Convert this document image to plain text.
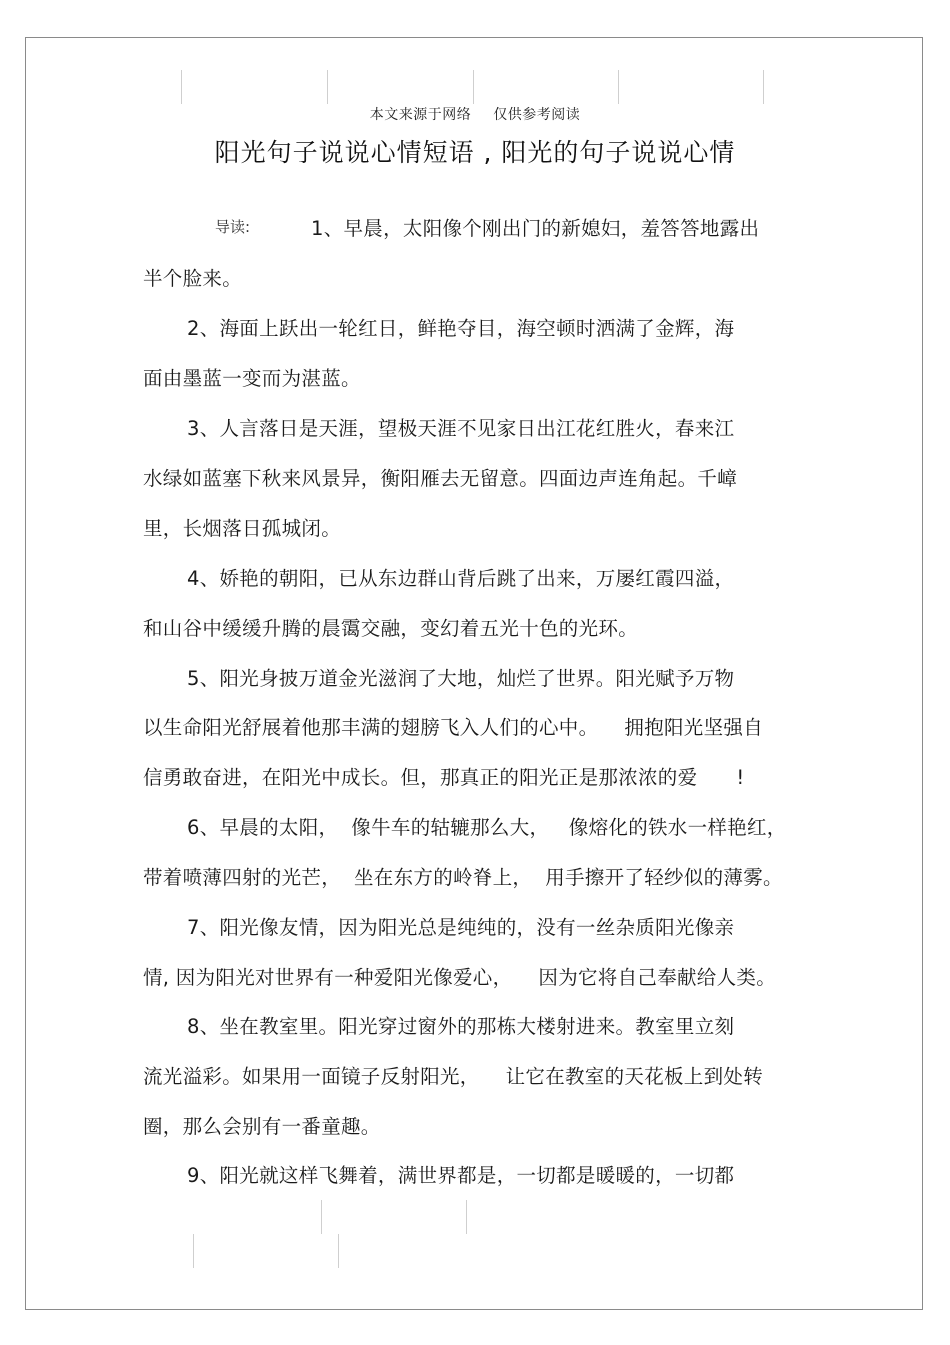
本文来源于网络 仅供参考阅读
阳光句子说说心情短语 , 阳光的句子说说心情
导读:	1、早晨，太阳像个刚出门的新媳妇，羞答答地露出
半个脸来。
2、海面上跃出一轮红日，鲜艳夺目，海空顿时洒满了金辉，海
面由墨蓝一变而为湛蓝。
3、人言落日是天涯，望极天涯不见家日出江花红胜火，春来江
水绿如蓝塞下秋来风景异，衡阳雁去无留意。四面边声连角起。千嶂
里，长烟落日孤城闭。
4、娇艳的朝阳，已从东边群山背后跳了出来，万屡红霞四溢，
和山谷中缓缓升腾的晨霭交融，变幻着五光十色的光环。
5、阳光身披万道金光滋润了大地，灿烂了世界。阳光赋予万物
以生命阳光舒展着他那丰满的翅膀飞入人们的心中。    拥抱阳光坚强自
信勇敢奋进，在阳光中成长。但，那真正的阳光正是那浓浓的爱      !
6、早晨的太阳，  像牛车的轱辘那么大，   像熔化的铁水一样艳红，
带着喷薄四射的光芒，  坐在东方的岭脊上，  用手擦开了轻纱似的薄雾。
7、阳光像友情，因为阳光总是纯纯的，没有一丝杂质阳光像亲
情, 因为阳光对世界有一种爱阳光像爱心，    因为它将自己奉献给人类。
8、坐在教室里。阳光穿过窗外的那栋大楼射进来。教室里立刻
流光溢彩。如果用一面镜子反射阳光，    让它在教室的天花板上到处转
圈，那么会别有一番童趣。
9、阳光就这样飞舞着，满世界都是，一切都是暖暖的，一切都
